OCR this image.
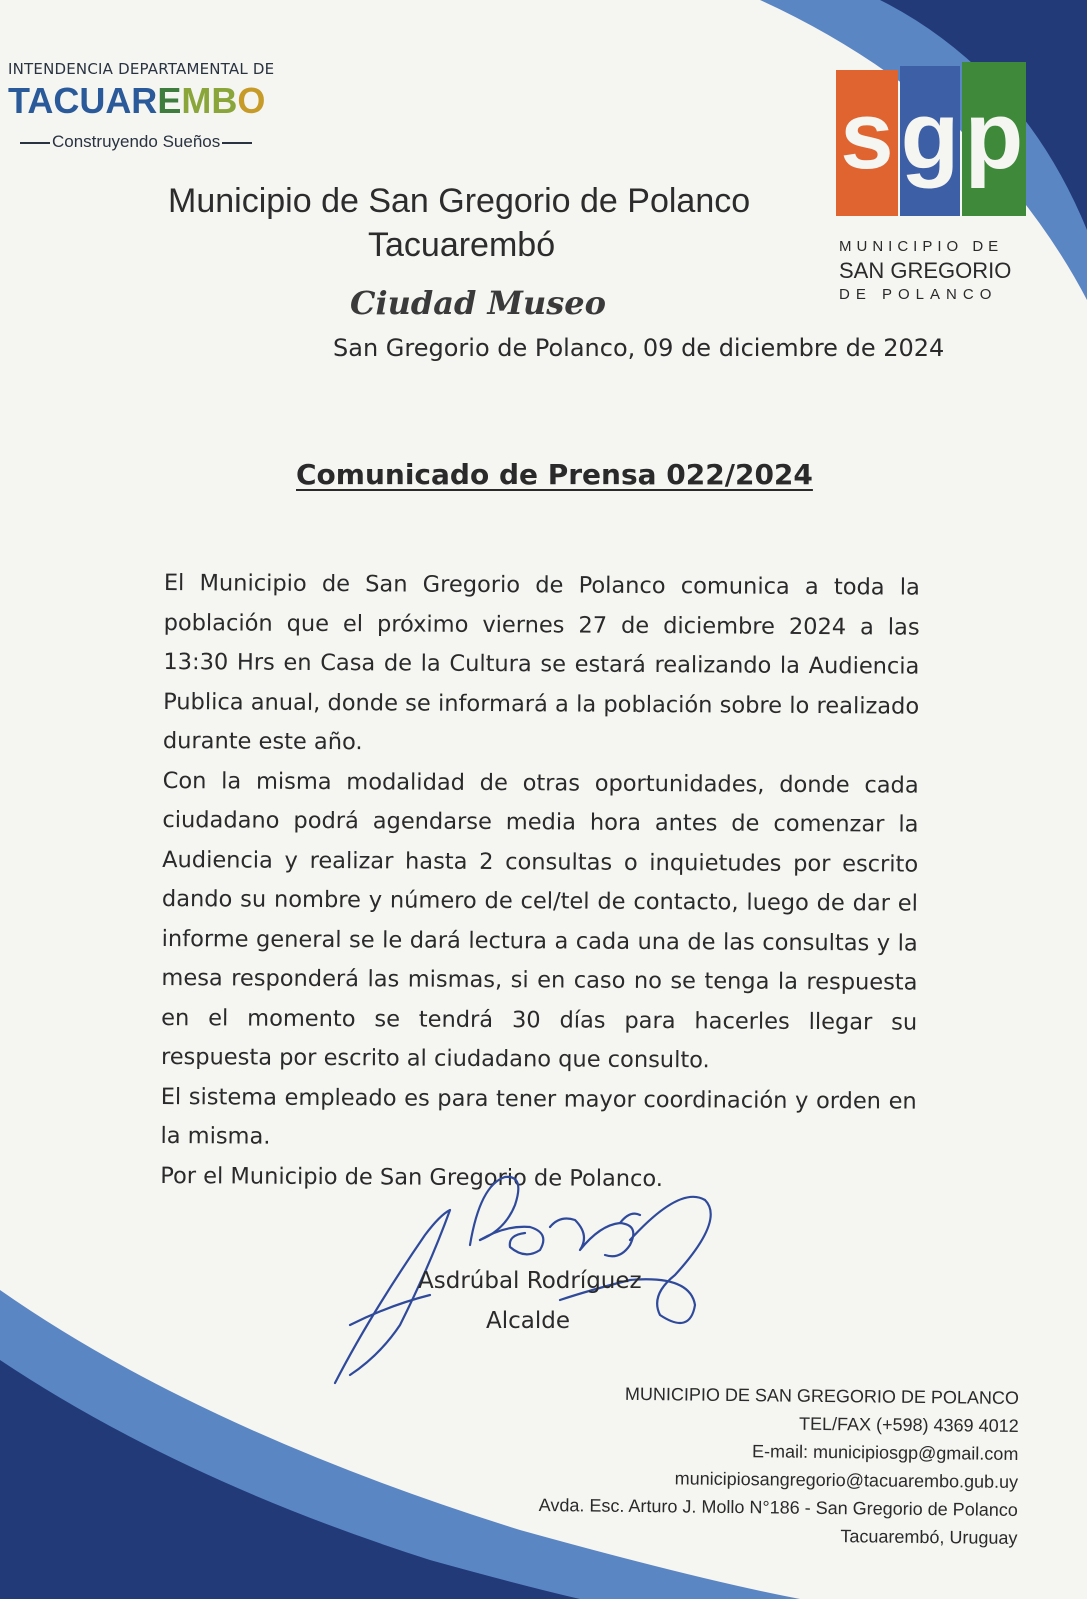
INTENDENCIA DEPARTAMENTAL DE
TACUAREMBO
Construyendo Sueños
Municipio de San Gregorio de Polanco
Tacuarembó
Ciudad Museo
San Gregorio de Polanco, 09 de diciembre de 2024
s g p
MUNICIPIO DE
SAN GREGORIO
DE POLANCO
Comunicado de Prensa 022/2024

El Municipio de San Gregorio de Polanco comunica a toda la población que el próximo viernes 27 de diciembre 2024 a las 13:30 Hrs en Casa de la Cultura se estará realizando la Audiencia Publica anual, donde se informará a la población sobre lo realizado durante este año.

Con la misma modalidad de otras oportunidades, donde cada ciudadano podrá agendarse media hora antes de comenzar la Audiencia y realizar hasta 2 consultas o inquietudes por escrito dando su nombre y número de cel/tel de contacto, luego de dar el informe general se le dará lectura a cada una de las consultas y la mesa responderá las mismas, si en caso no se tenga la respuesta en el momento se tendrá 30 días para hacerles llegar su respuesta por escrito al ciudadano que consulto.

El sistema empleado es para tener mayor coordinación y orden en la misma.

Por el Municipio de San Gregorio de Polanco.

Asdrúbal Rodríguez
Alcalde
MUNICIPIO DE SAN GREGORIO DE POLANCO
TEL/FAX (+598) 4369 4012
E-mail: municipiosgp@gmail.com
municipiosangregorio@tacuarembo.gub.uy
Avda. Esc. Arturo J. Mollo N°186 - San Gregorio de Polanco
Tacuarembó, Uruguay
